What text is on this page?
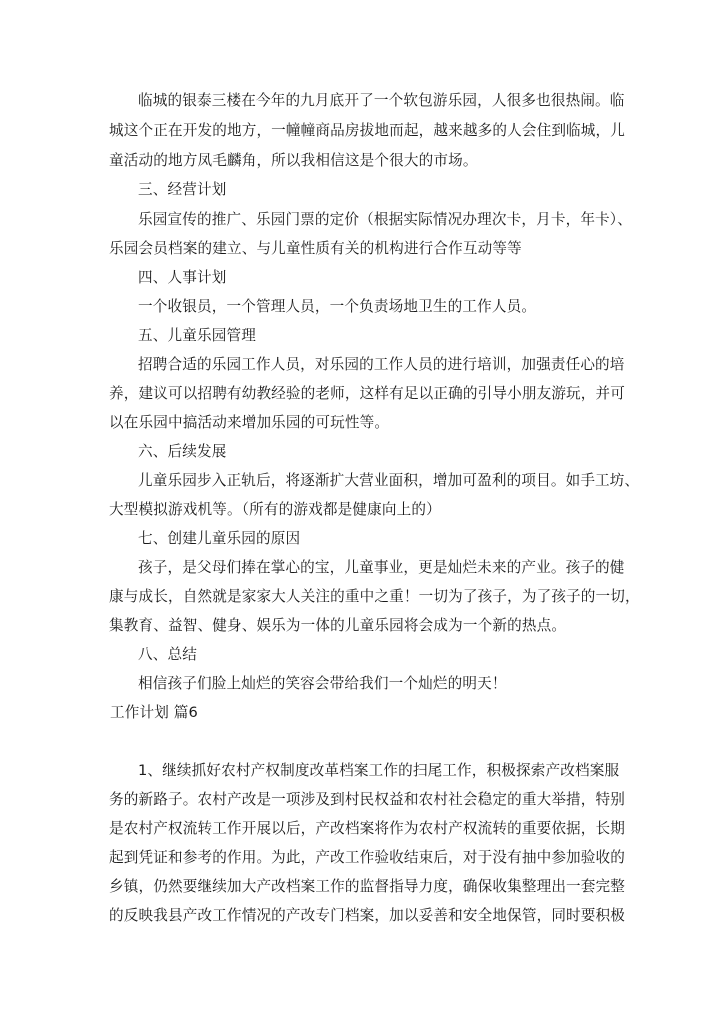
临城的银泰三楼在今年的九月底开了一个软包游乐园，人很多也很热闹。临
城这个正在开发的地方，一幢幢商品房拔地而起，越来越多的人会住到临城，儿
童活动的地方凤毛麟角，所以我相信这是个很大的市场。
三、经营计划
乐园宣传的推广、乐园门票的定价（根据实际情况办理次卡，月卡，年卡）、
乐园会员档案的建立、与儿童性质有关的机构进行合作互动等等
四、人事计划
一个收银员，一个管理人员，一个负责场地卫生的工作人员。
五、儿童乐园管理
招聘合适的乐园工作人员，对乐园的工作人员的进行培训，加强责任心的培
养，建议可以招聘有幼教经验的老师，这样有足以正确的引导小朋友游玩，并可
以在乐园中搞活动来增加乐园的可玩性等。
六、后续发展
儿童乐园步入正轨后，将逐渐扩大营业面积，增加可盈利的项目。如手工坊、
大型模拟游戏机等。（所有的游戏都是健康向上的）
七、创建儿童乐园的原因
孩子，是父母们捧在掌心的宝，儿童事业，更是灿烂未来的产业。孩子的健
康与成长，自然就是家家大人关注的重中之重！一切为了孩子，为了孩子的一切，
集教育、益智、健身、娱乐为一体的儿童乐园将会成为一个新的热点。
八、总结
相信孩子们脸上灿烂的笑容会带给我们一个灿烂的明天！
工作计划 篇6
1、继续抓好农村产权制度改革档案工作的扫尾工作，积极探索产改档案服
务的新路子。农村产改是一项涉及到村民权益和农村社会稳定的重大举措，特别
是农村产权流转工作开展以后，产改档案将作为农村产权流转的重要依据，长期
起到凭证和参考的作用。为此，产改工作验收结束后，对于没有抽中参加验收的
乡镇，仍然要继续加大产改档案工作的监督指导力度，确保收集整理出一套完整
的反映我县产改工作情况的产改专门档案，加以妥善和安全地保管，同时要积极
